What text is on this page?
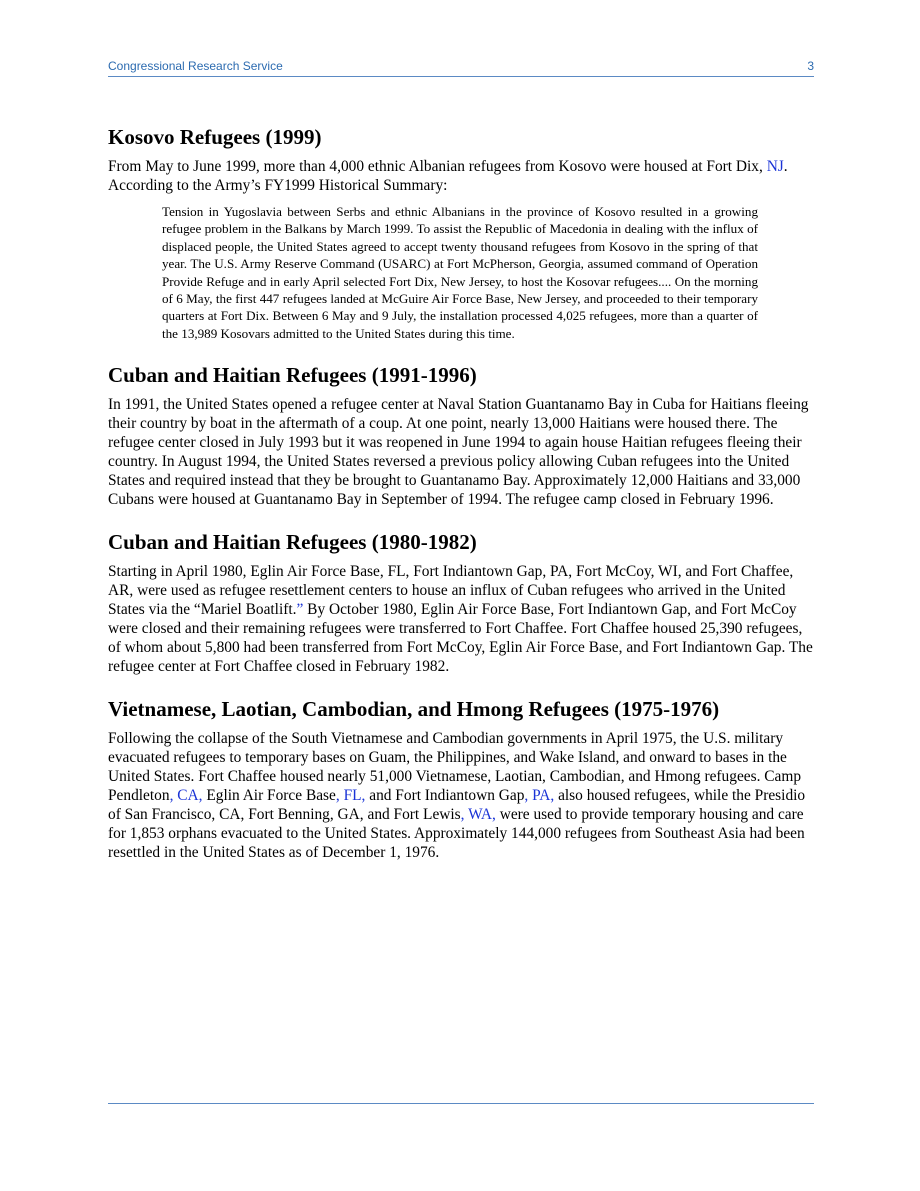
Congressional Research Service	3
Kosovo Refugees (1999)

From May to June 1999, more than 4,000 ethnic Albanian refugees from Kosovo were housed at Fort Dix, NJ. According to the Army’s FY1999 Historical Summary:

Tension in Yugoslavia between Serbs and ethnic Albanians in the province of Kosovo resulted in a growing refugee problem in the Balkans by March 1999. To assist the Republic of Macedonia in dealing with the influx of displaced people, the United States agreed to accept twenty thousand refugees from Kosovo in the spring of that year. The U.S. Army Reserve Command (USARC) at Fort McPherson, Georgia, assumed command of Operation Provide Refuge and in early April selected Fort Dix, New Jersey, to host the Kosovar refugees.... On the morning of 6 May, the first 447 refugees landed at McGuire Air Force Base, New Jersey, and proceeded to their temporary quarters at Fort Dix. Between 6 May and 9 July, the installation processed 4,025 refugees, more than a quarter of the 13,989 Kosovars admitted to the United States during this time.
Cuban and Haitian Refugees (1991-1996)

In 1991, the United States opened a refugee center at Naval Station Guantanamo Bay in Cuba for Haitians fleeing their country by boat in the aftermath of a coup. At one point, nearly 13,000 Haitians were housed there. The refugee center closed in July 1993 but it was reopened in June 1994 to again house Haitian refugees fleeing their country. In August 1994, the United States reversed a previous policy allowing Cuban refugees into the United States and required instead that they be brought to Guantanamo Bay. Approximately 12,000 Haitians and 33,000 Cubans were housed at Guantanamo Bay in September of 1994. The refugee camp closed in February 1996.

Cuban and Haitian Refugees (1980-1982)

Starting in April 1980, Eglin Air Force Base, FL, Fort Indiantown Gap, PA, Fort McCoy, WI, and Fort Chaffee, AR, were used as refugee resettlement centers to house an influx of Cuban refugees who arrived in the United States via the “Mariel Boatlift.” By October 1980, Eglin Air Force Base, Fort Indiantown Gap, and Fort McCoy were closed and their remaining refugees were transferred to Fort Chaffee. Fort Chaffee housed 25,390 refugees, of whom about 5,800 had been transferred from Fort McCoy, Eglin Air Force Base, and Fort Indiantown Gap. The refugee center at Fort Chaffee closed in February 1982.

Vietnamese, Laotian, Cambodian, and Hmong Refugees (1975-1976)

Following the collapse of the South Vietnamese and Cambodian governments in April 1975, the U.S. military evacuated refugees to temporary bases on Guam, the Philippines, and Wake Island, and onward to bases in the United States. Fort Chaffee housed nearly 51,000 Vietnamese, Laotian, Cambodian, and Hmong refugees. Camp Pendleton, CA, Eglin Air Force Base, FL, and Fort Indiantown Gap, PA, also housed refugees, while the Presidio of San Francisco, CA, Fort Benning, GA, and Fort Lewis, WA, were used to provide temporary housing and care for 1,853 orphans evacuated to the United States. Approximately 144,000 refugees from Southeast Asia had been resettled in the United States as of December 1, 1976.
